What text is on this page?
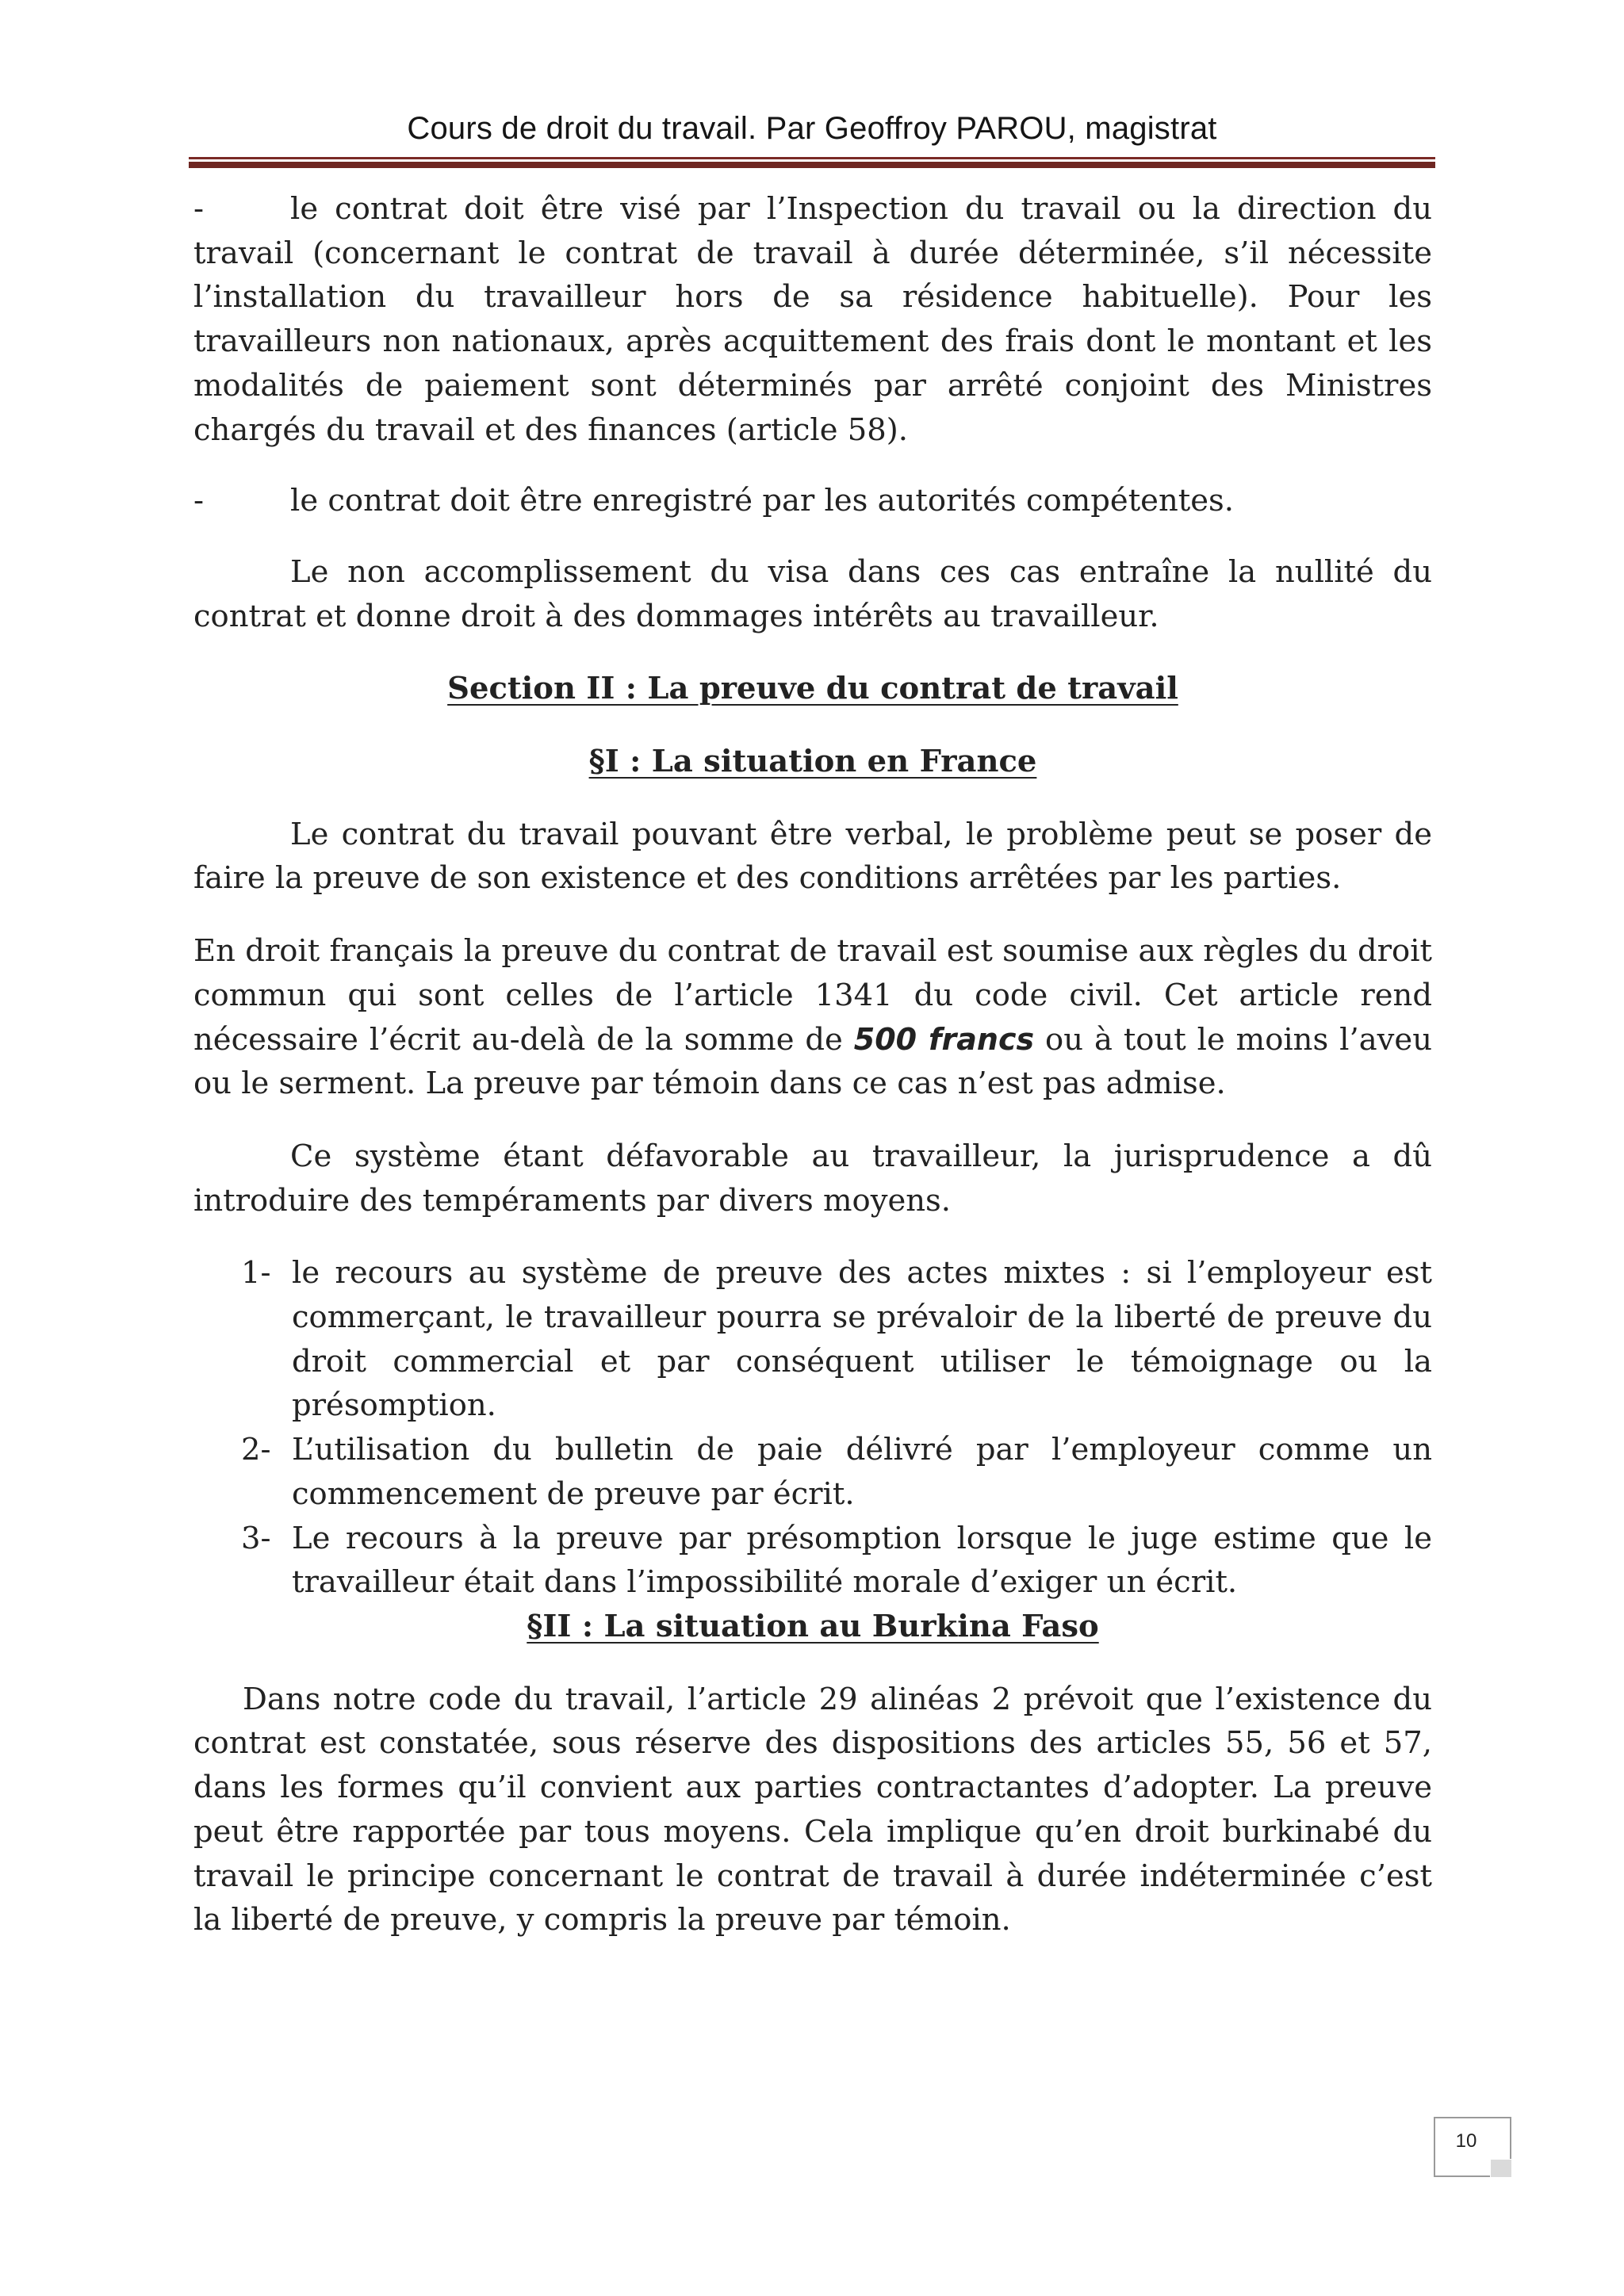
Cours de droit du travail. Par Geoffroy PAROU, magistrat

-	le contrat doit être visé par l’Inspection du travail ou la direction du travail (concernant le contrat de travail à durée déterminée, s’il nécessite l’installation du travailleur hors de sa résidence habituelle). Pour les travailleurs non nationaux, après acquittement des frais dont le montant et les modalités de paiement sont déterminés par arrêté conjoint des Ministres chargés du travail et des finances (article 58).

-	le contrat doit être enregistré par les autorités compétentes.

Le non accomplissement du visa dans ces cas entraîne la nullité du contrat et donne droit à des dommages intérêts au travailleur.

Section II : La preuve du contrat de travail

§I : La situation en France

Le contrat du travail pouvant être verbal, le problème peut se poser de faire la preuve de son existence et des conditions arrêtées par les parties.

En droit français la preuve du contrat de travail est soumise aux règles du droit commun qui sont celles de l’article 1341 du code civil. Cet article rend nécessaire l’écrit au-delà de la somme de 500 francs ou à tout le moins l’aveu ou le serment. La preuve par témoin dans ce cas n’est pas admise.

Ce système étant défavorable au travailleur, la jurisprudence a dû introduire des tempéraments par divers moyens.

1- le recours au système de preuve des actes mixtes : si l’employeur est commerçant, le travailleur pourra se prévaloir de la liberté de preuve du droit commercial et par conséquent utiliser le témoignage ou la présomption.
2- L’utilisation du bulletin de paie délivré par l’employeur comme un commencement de preuve par écrit.
3- Le recours à la preuve par présomption lorsque le juge estime que le travailleur était dans l’impossibilité morale d’exiger un écrit.

§II : La situation au Burkina Faso

Dans notre code du travail, l’article 29 alinéas 2 prévoit que l’existence du contrat est constatée, sous réserve des dispositions des articles 55, 56 et 57, dans les formes qu’il convient aux parties contractantes d’adopter. La preuve peut être rapportée par tous moyens. Cela implique qu’en droit burkinabé du travail le principe concernant le contrat de travail à durée indéterminée c’est la liberté de preuve, y compris la preuve par témoin.

10
